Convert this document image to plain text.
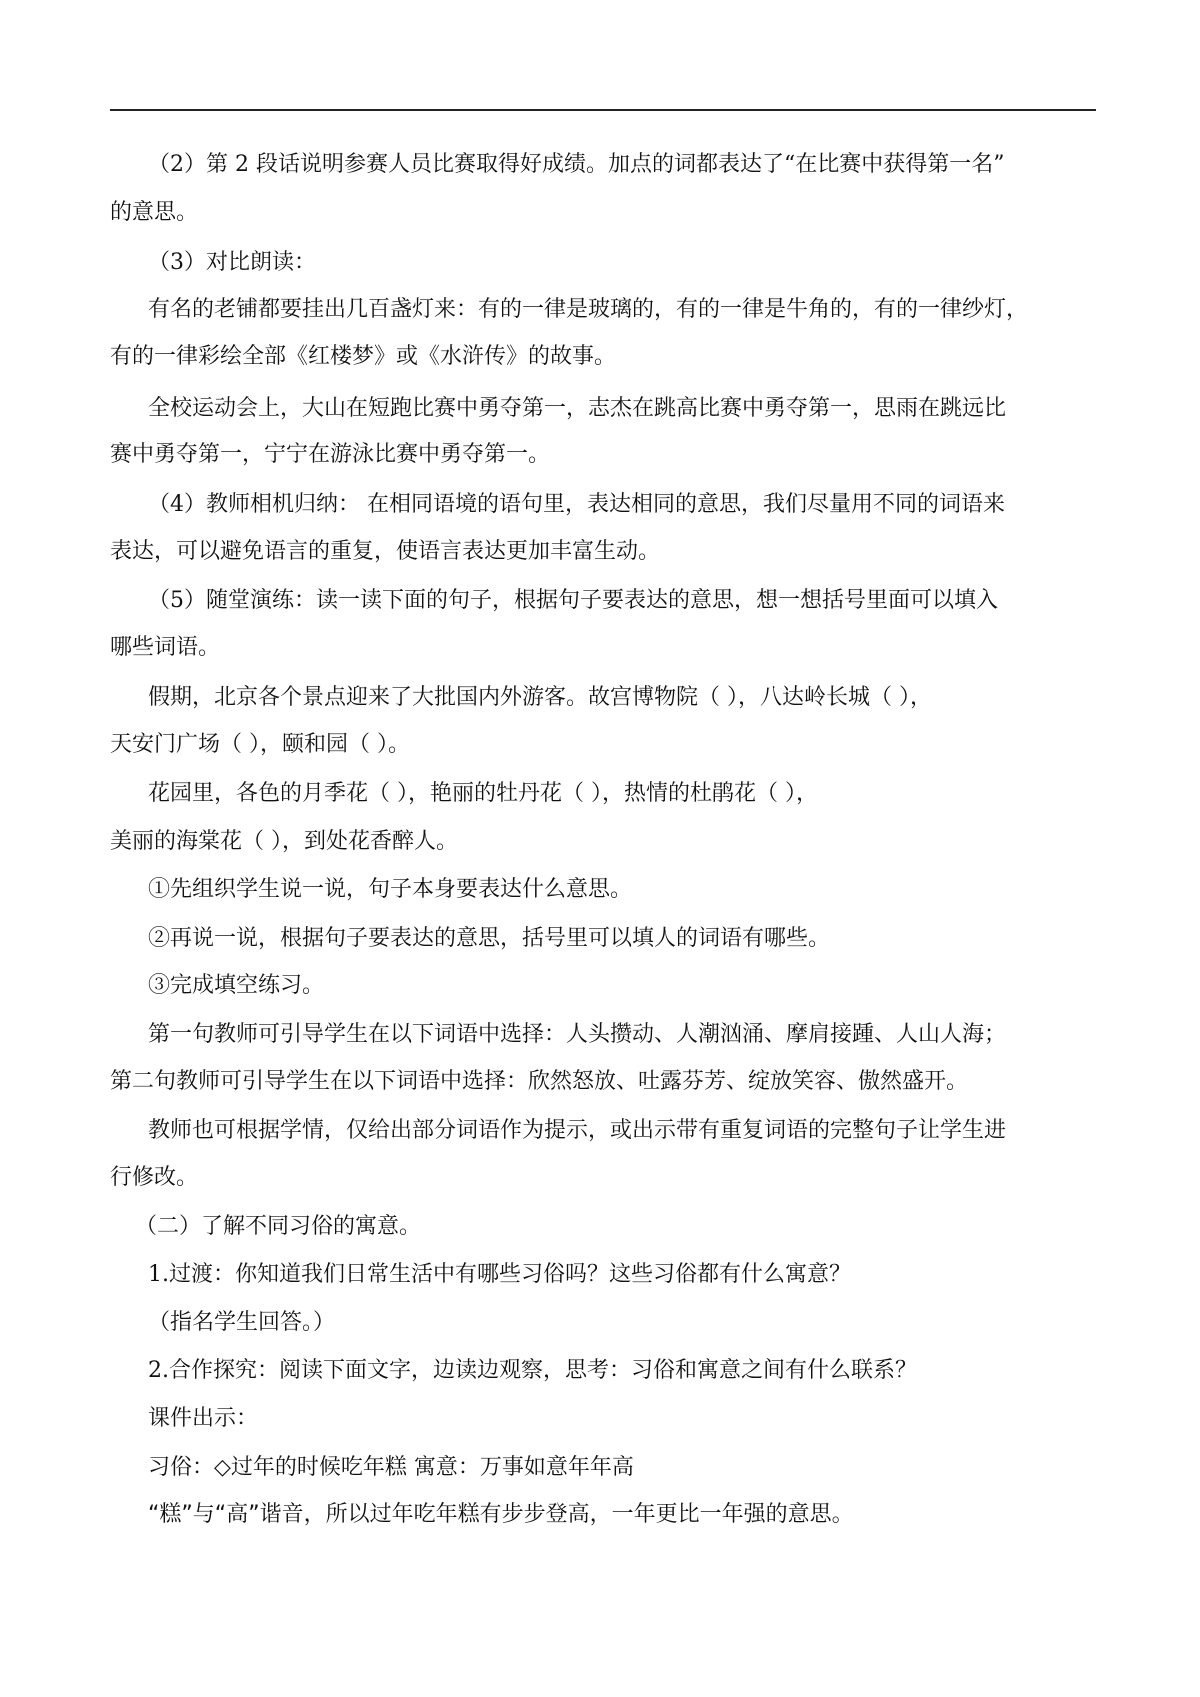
（2）第 2 段话说明参赛人员比赛取得好成绩。加点的词都表达了“在比赛中获得第一名”

的意思。

（3）对比朗读：

有名的老铺都要挂出几百盏灯来：有的一律是玻璃的，有的一律是牛角的，有的一律纱灯，

有的一律彩绘全部《红楼梦》或《水浒传》的故事。

全校运动会上，大山在短跑比赛中勇夺第一，志杰在跳高比赛中勇夺第一，思雨在跳远比

赛中勇夺第一，宁宁在游泳比赛中勇夺第一。

（4）教师相机归纳： 在相同语境的语句里，表达相同的意思，我们尽量用不同的词语来

表达，可以避免语言的重复，使语言表达更加丰富生动。

（5）随堂演练：读一读下面的句子，根据句子要表达的意思，想一想括号里面可以填入

哪些词语。

假期，北京各个景点迎来了大批国内外游客。故宫博物院（ ），八达岭长城（ ），

天安门广场（ ），颐和园（ ）。

花园里，各色的月季花（ ），艳丽的牡丹花（ ），热情的杜鹃花（ ），

美丽的海棠花（ ），到处花香醉人。

①先组织学生说一说，句子本身要表达什么意思。

②再说一说，根据句子要表达的意思，括号里可以填人的词语有哪些。

③完成填空练习。

第一句教师可引导学生在以下词语中选择：人头攒动、人潮汹涌、摩肩接踵、人山人海；

第二句教师可引导学生在以下词语中选择：欣然怒放、吐露芬芳、绽放笑容、傲然盛开。

教师也可根据学情，仅给出部分词语作为提示，或出示带有重复词语的完整句子让学生进

行修改。

（二）了解不同习俗的寓意。

1.过渡：你知道我们日常生活中有哪些习俗吗？这些习俗都有什么寓意？

（指名学生回答。）

2.合作探究：阅读下面文字，边读边观察，思考：习俗和寓意之间有什么联系？

课件出示：

习俗：◇过年的时候吃年糕 寓意：万事如意年年高

“糕”与“高”谐音，所以过年吃年糕有步步登高，一年更比一年强的意思。
